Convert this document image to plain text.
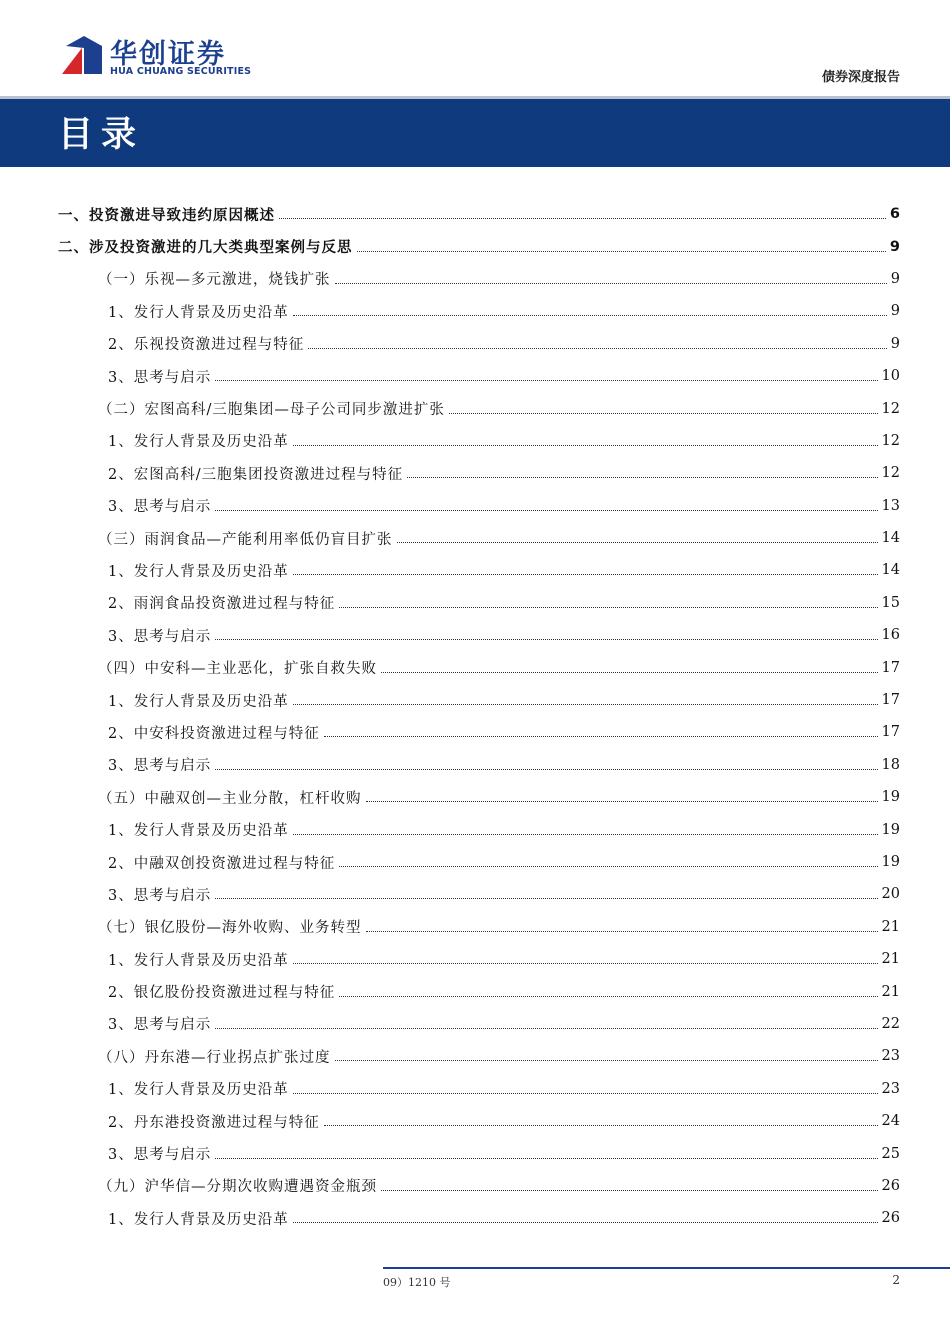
华创证券
HUA CHUANG SECURITIES	债券深度报告
目录
一、投资激进导致违约原因概述	6
二、涉及投资激进的几大类典型案例与反思	9
（一）乐视—多元激进，烧钱扩张	9
1、发行人背景及历史沿革	9
2、乐视投资激进过程与特征	9
3、思考与启示	10
（二）宏图高科/三胞集团—母子公司同步激进扩张	12
1、发行人背景及历史沿革	12
2、宏图高科/三胞集团投资激进过程与特征	12
3、思考与启示	13
（三）雨润食品—产能利用率低仍盲目扩张	14
1、发行人背景及历史沿革	14
2、雨润食品投资激进过程与特征	15
3、思考与启示	16
（四）中安科—主业恶化，扩张自救失败	17
1、发行人背景及历史沿革	17
2、中安科投资激进过程与特征	17
3、思考与启示	18
（五）中融双创—主业分散，杠杆收购	19
1、发行人背景及历史沿革	19
2、中融双创投资激进过程与特征	19
3、思考与启示	20
（七）银亿股份—海外收购、业务转型	21
1、发行人背景及历史沿革	21
2、银亿股份投资激进过程与特征	21
3、思考与启示	22
（八）丹东港—行业拐点扩张过度	23
1、发行人背景及历史沿革	23
2、丹东港投资激进过程与特征	24
3、思考与启示	25
（九）沪华信—分期次收购遭遇资金瓶颈	26
1、发行人背景及历史沿革	26
09）1210 号	2
